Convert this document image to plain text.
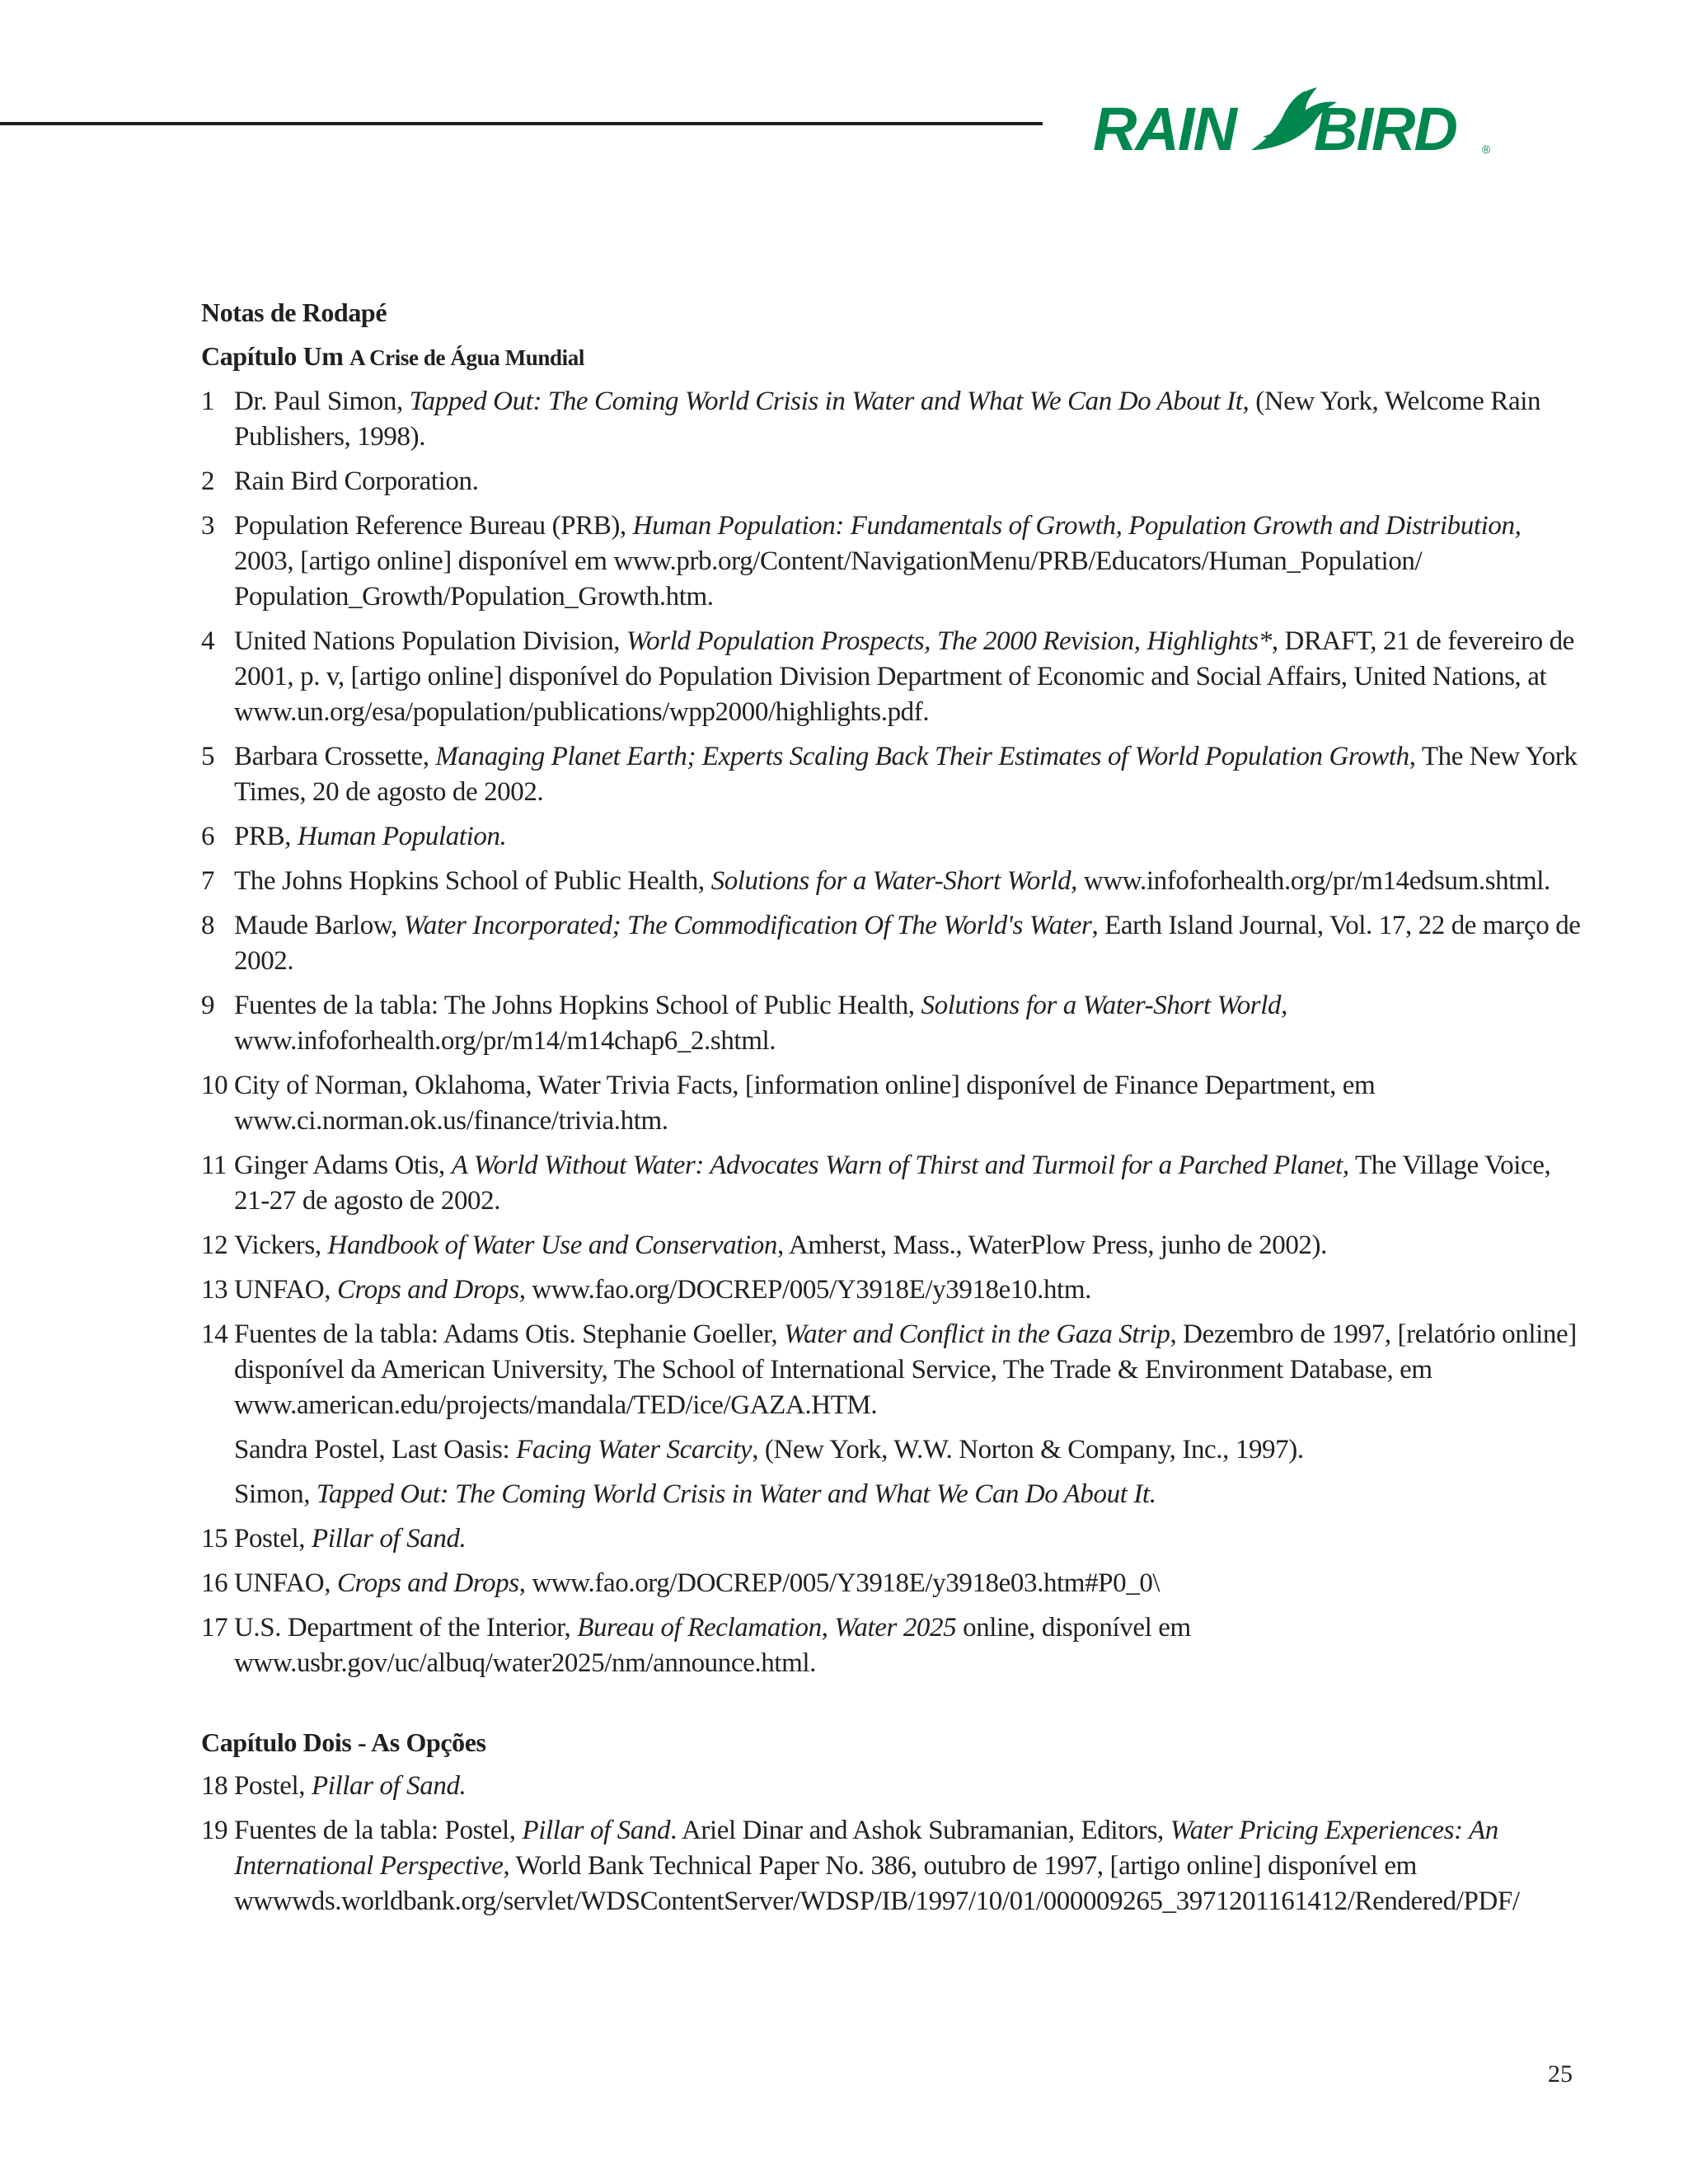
RAIN BIRD ®
Notas de Rodapé
Capítulo Um A Crise de Água Mundial
1 Dr. Paul Simon, Tapped Out: The Coming World Crisis in Water and What We Can Do About It, (New York, Welcome Rain Publishers, 1998).
2 Rain Bird Corporation.
3 Population Reference Bureau (PRB), Human Population: Fundamentals of Growth, Population Growth and Distribution, 2003, [artigo online] disponível em www.prb.org/Content/NavigationMenu/PRB/Educators/Human_Population/ Population_Growth/Population_Growth.htm.
4 United Nations Population Division, World Population Prospects, The 2000 Revision, Highlights*, DRAFT, 21 de fevereiro de 2001, p. v, [artigo online] disponível do Population Division Department of Economic and Social Affairs, United Nations, at www.un.org/esa/population/publications/wpp2000/highlights.pdf.
5 Barbara Crossette, Managing Planet Earth; Experts Scaling Back Their Estimates of World Population Growth, The New York Times, 20 de agosto de 2002.
6 PRB, Human Population.
7 The Johns Hopkins School of Public Health, Solutions for a Water-Short World, www.infoforhealth.org/pr/m14edsum.shtml.
8 Maude Barlow, Water Incorporated; The Commodification Of The World's Water, Earth Island Journal, Vol. 17, 22 de março de 2002.
9 Fuentes de la tabla: The Johns Hopkins School of Public Health, Solutions for a Water-Short World, www.infoforhealth.org/pr/m14/m14chap6_2.shtml.
10 City of Norman, Oklahoma, Water Trivia Facts, [information online] disponível de Finance Department, em www.ci.norman.ok.us/finance/trivia.htm.
11 Ginger Adams Otis, A World Without Water: Advocates Warn of Thirst and Turmoil for a Parched Planet, The Village Voice, 21-27 de agosto de 2002.
12 Vickers, Handbook of Water Use and Conservation, Amherst, Mass., WaterPlow Press, junho de 2002).
13 UNFAO, Crops and Drops, www.fao.org/DOCREP/005/Y3918E/y3918e10.htm.
14 Fuentes de la tabla: Adams Otis. Stephanie Goeller, Water and Conflict in the Gaza Strip, Dezembro de 1997, [relatório online] disponível da American University, The School of International Service, The Trade & Environment Database, em www.american.edu/projects/mandala/TED/ice/GAZA.HTM.
Sandra Postel, Last Oasis: Facing Water Scarcity, (New York, W.W. Norton & Company, Inc., 1997).
Simon, Tapped Out: The Coming World Crisis in Water and What We Can Do About It.
15 Postel, Pillar of Sand.
16 UNFAO, Crops and Drops, www.fao.org/DOCREP/005/Y3918E/y3918e03.htm#P0_0\
17 U.S. Department of the Interior, Bureau of Reclamation, Water 2025 online, disponível em www.usbr.gov/uc/albuq/water2025/nm/announce.html.
Capítulo Dois - As Opções
18 Postel, Pillar of Sand.
19 Fuentes de la tabla: Postel, Pillar of Sand. Ariel Dinar and Ashok Subramanian, Editors, Water Pricing Experiences: An International Perspective, World Bank Technical Paper No. 386, outubro de 1997, [artigo online] disponível em wwwwds.worldbank.org/servlet/WDSContentServer/WDSP/IB/1997/10/01/000009265_3971201161412/Rendered/PDF/
25
